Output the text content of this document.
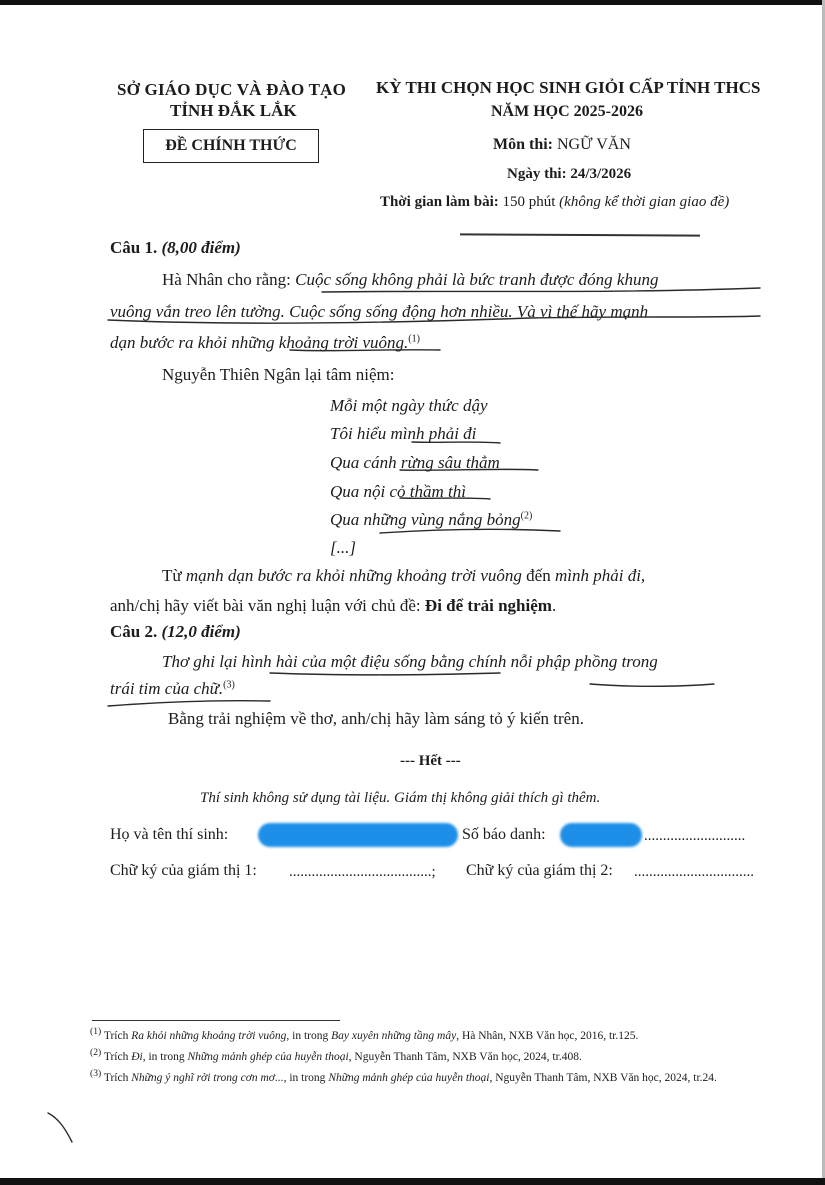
SỞ GIÁO DỤC VÀ ĐÀO TẠO
TỈNH ĐẮK LẮK
ĐỀ CHÍNH THỨC
KỲ THI CHỌN HỌC SINH GIỎI CẤP TỈNH THCS
NĂM HỌC 2025-2026
Môn thi: NGỮ VĂN
Ngày thi: 24/3/2026
Thời gian làm bài: 150 phút (không kể thời gian giao đề)
Câu 1. (8,00 điểm)
Hà Nhân cho rằng: Cuộc sống không phải là bức tranh được đóng khung
vuông vắn treo lên tường. Cuộc sống sống động hơn nhiều. Và vì thế hãy mạnh
dạn bước ra khỏi những khoảng trời vuông.$^{(1)}$
Nguyễn Thiên Ngân lại tâm niệm:
Mỗi một ngày thức dậy
Tôi hiểu mình phải đi
Qua cánh rừng sâu thẳm
Qua nội cỏ thầm thì
Qua những vùng nắng bỏng$^{(2)}$
[...]
Từ mạnh dạn bước ra khỏi những khoảng trời vuông đến mình phải đi,
anh/chị hãy viết bài văn nghị luận với chủ đề: Đi để trải nghiệm.
Câu 2. (12,0 điểm)
Thơ ghi lại hình hài của một điệu sống bằng chính nỗi phập phồng trong
trái tim của chữ.$^{(3)}$
Bằng trải nghiệm về thơ, anh/chị hãy làm sáng tỏ ý kiến trên.
--- Hết ---
Thí sinh không sử dụng tài liệu. Giám thị không giải thích gì thêm.
Họ và tên thí sinh:	Số báo danh:	...........................
Chữ ký của giám thị 1: ......................................; Chữ ký của giám thị 2: ................................
$^{(1)}$ Trích Ra khỏi những khoảng trời vuông, in trong Bay xuyên những tầng mây, Hà Nhân, NXB Văn học, 2016, tr.125.
$^{(2)}$ Trích Đi, in trong Những mảnh ghép của huyễn thoại, Nguyễn Thanh Tâm, NXB Văn học, 2024, tr.408.
$^{(3)}$ Trích Những ý nghĩ rời trong cơn mơ..., in trong Những mảnh ghép của huyễn thoại, Nguyễn Thanh Tâm, NXB Văn học, 2024, tr.24.
